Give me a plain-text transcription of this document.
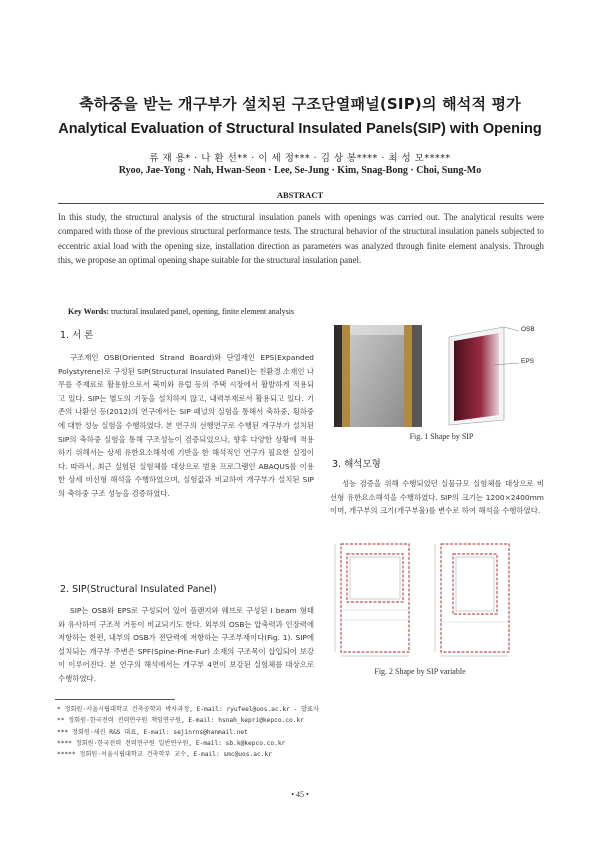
축하중을 받는 개구부가 설치된 구조단열패널(SIP)의 해석적 평가
Analytical Evaluation of Structural Insulated Panels(SIP) with Opening
류 재 용* · 나 환 선** · 이 세 정*** · 김 상 봉**** · 최 성 모*****
Ryoo, Jae-Yong · Nah, Hwan-Seon · Lee, Se-Jung · Kim, Snag-Bong · Choi, Sung-Mo
ABSTRACT
In this study, the structural analysis of the structural insulation panels with openings was carried out. The analytical results were compared with those of the previous structural performance tests. The structural behavior of the structural insulation panels subjected to eccentric axial load with the opening size, installation direction as parameters was analyzed through finite element analysis. Through this, we propose an optimal opening shape suitable for the structural insulation panel.
Key Words: tructural insulated panel, opening, finite element analysis
1. 서 론
구조재인 OSB(Oriented Strand Board)와 단열재인 EPS(Expanded Polystyrene)로 구성된 SIP(Structural Insulated Panel)는 친환경 소재인 나무를 주재료로 활용함으로서 북미와 유럽 등의 주택 시장에서 활발하게 적용되고 있다. SIP는 별도의 기둥을 설치하지 않고, 내력부재로서 활용되고 있다. 기존의 나환선 등(2012)의 연구에서는 SIP 패널의 실험을 통해서 축하중, 횡하중에 대한 성능 실험을 수행하였다. 본 연구의 선행연구로 수행된 개구부가 설치된 SIP의 축하중 실험을 통해 구조성능이 검증되었으나, 향후 다양한 상황에 적용하기 위해서는 상세 유한요소해석에 기반을 한 해석적인 연구가 필요한 실정이다. 따라서, 최근 실험된 실험체를 대상으로 범용 프로그램인 ABAQUS를 이용한 상세 비선형 해석을 수행하였으며, 실험값과 비교하여 개구부가 설치된 SIP의 축하중 구조 성능을 검증하였다.
2. SIP(Structural Insulated Panel)
SIP는 OSB와 EPS로 구성되어 있어 플랜지와 웨브로 구성된 I beam 형태와 유사하여 구조적 거동이 비교되기도 한다. 외부의 OSB는 압축력과 인장력에 저항하는 한편, 내부의 OSB가 전단력에 저항하는 구조부재이다(Fig. 1). SIP에 설치되는 개구부 주변은 SPF(Spine-Pine-Fur) 소재의 구조목이 삽입되어 보강이 이루어진다. 본 연구의 해석에서는 개구부 4면이 보강된 실험체를 대상으로 수행하였다.
OSB
EPS
Fig. 1 Shape by SIP
3. 해석모형
성능 검증을 위해 수행되었던 실물규모 실험체를 대상으로 비선형 유한요소해석을 수행하였다. SIP의 크기는 1200×2400mm이며, 개구부의 크기(개구부율)를 변수로 하여 해석을 수행하였다.
Fig. 2 Shape by SIP variable
* 정회원·서울시립대학교 건축공학과 박사과정, E-mail: ryufeel@uos.ac.kr - 발표자
** 정회원·한국전력 전력연구원 책임연구원, E-mail: hsnah_kepri@kepco.co.kr
*** 정회원·세진 R&S 대표, E-mail: sejinrns@hanmail.net
**** 정회원·한국전력 전력연구원 일반연구원, E-mail: sb.k@kepco.co.kr
***** 정회원·서울시립대학교 건축학부 교수, E-mail: smc@uos.ac.kr
• 45 •
